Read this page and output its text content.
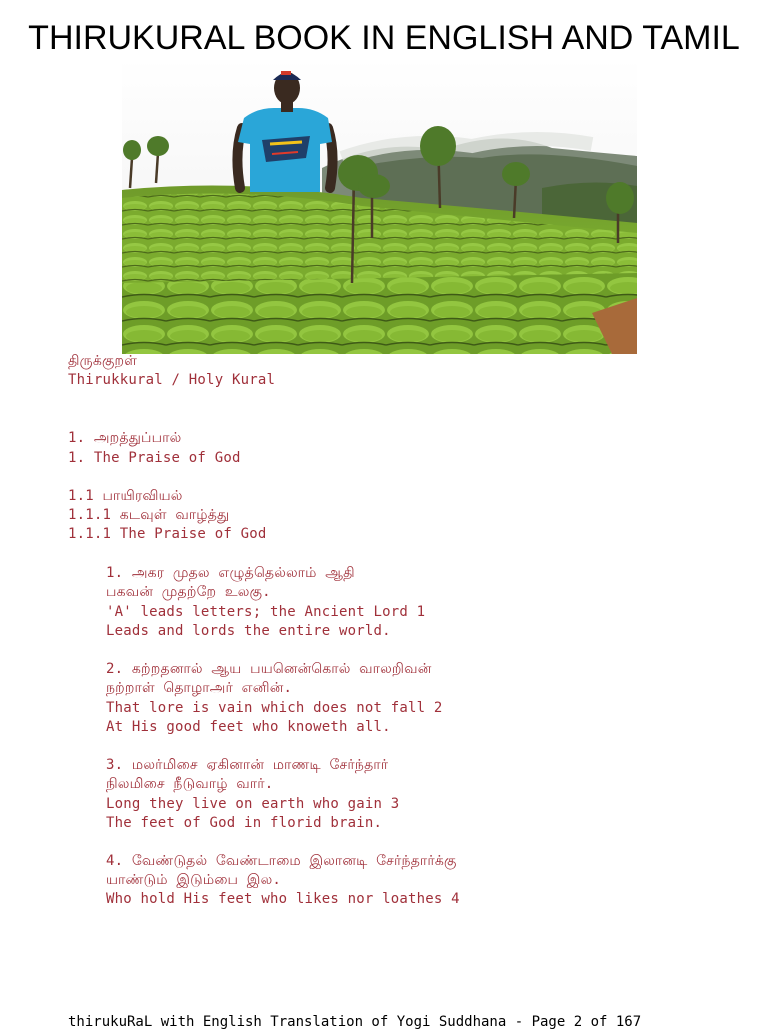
THIRUKURAL BOOK IN ENGLISH AND TAMIL
திருக்குறள்
Thirukkural / Holy Kural
1. அறத்துப்பால்
1. The Praise of God
1.1 பாயிரவியல்
1.1.1 கடவுள் வாழ்த்து
1.1.1 The Praise of God
1. அகர முதல எழுத்தெல்லாம் ஆதி
பகவன் முதற்றே உலகு.
'A' leads letters; the Ancient Lord 1
Leads and lords the entire world.
2. கற்றதனால் ஆய பயனென்கொல் வாலறிவன்
நற்றாள் தொழாஅர் எனின்.
That lore is vain which does not fall 2
At His good feet who knoweth all.
3. மலர்மிசை ஏகினான் மாணடி சேர்ந்தார்
நிலமிசை நீடுவாழ் வார்.
Long they live on earth who gain 3
The feet of God in florid brain.
4. வேண்டுதல் வேண்டாமை இலானடி சேர்ந்தார்க்கு
யாண்டும் இடும்பை இல.
Who hold His feet who likes nor loathes 4
thirukuRaL with English Translation of Yogi Suddhana - Page 2 of 167
